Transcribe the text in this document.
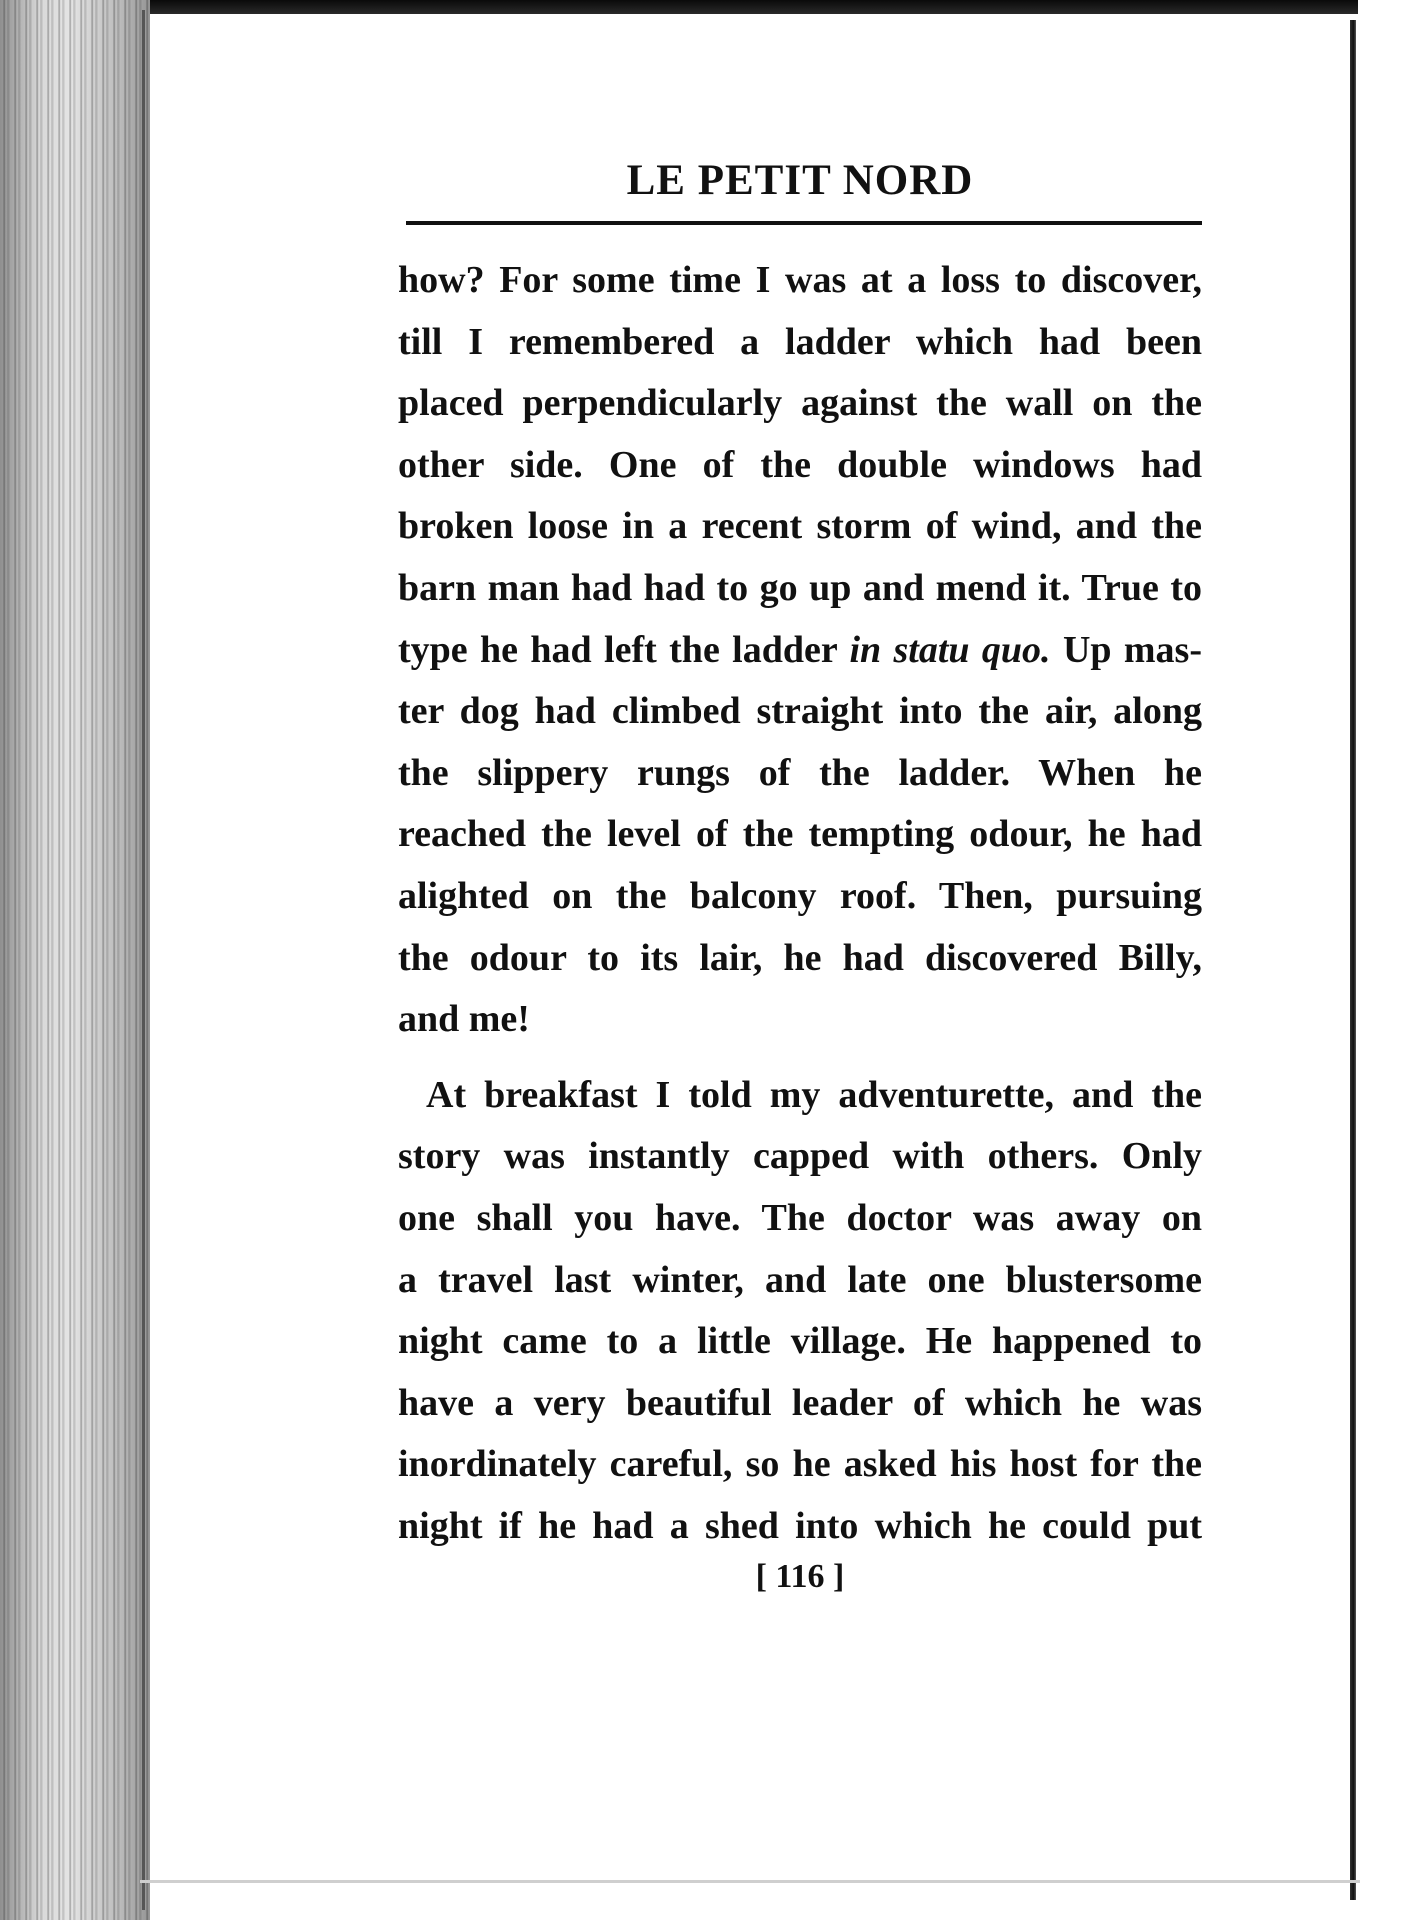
LE PETIT NORD
how? For some time I was at a loss to discover,
till I remembered a ladder which had been
placed perpendicularly against the wall on the
other side. One of the double windows had
broken loose in a recent storm of wind, and the
barn man had had to go up and mend it. True to
type he had left the ladder in statu quo. Up mas-
ter dog had climbed straight into the air, along
the slippery rungs of the ladder. When he
reached the level of the tempting odour, he had
alighted on the balcony roof. Then, pursuing
the odour to its lair, he had discovered Billy,
and me!
At breakfast I told my adventurette, and the
story was instantly capped with others. Only
one shall you have. The doctor was away on
a travel last winter, and late one blustersome
night came to a little village. He happened to
have a very beautiful leader of which he was
inordinately careful, so he asked his host for the
night if he had a shed into which he could put
[ 116 ]
